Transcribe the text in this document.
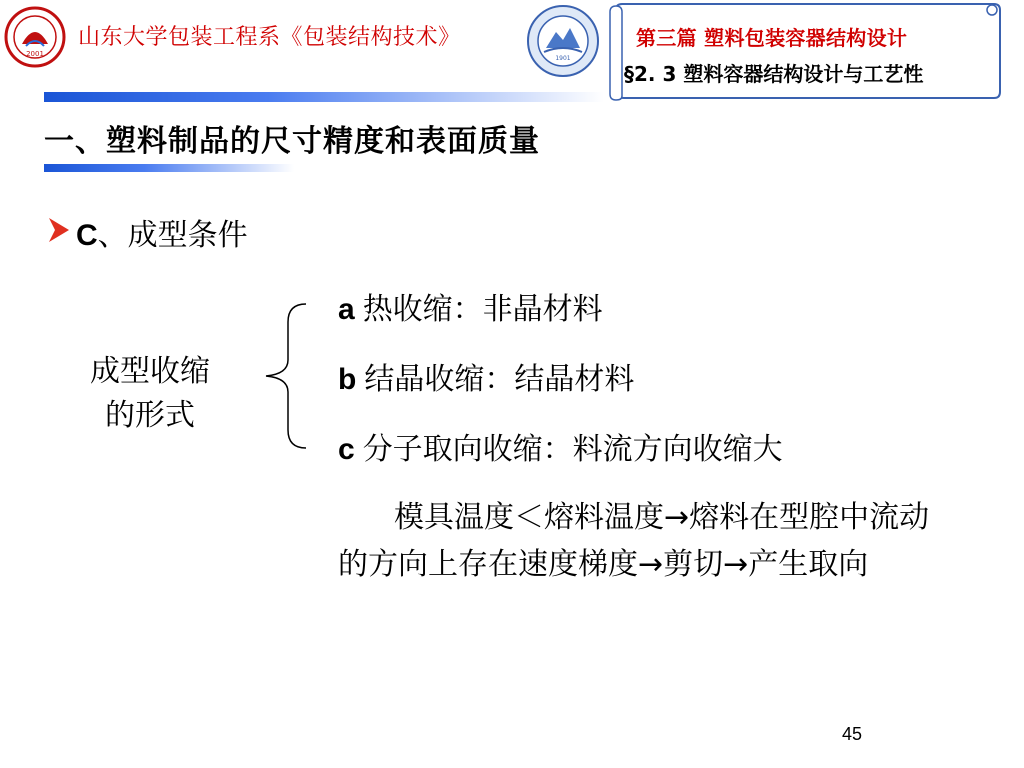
2001
山东大学包装工程系《包装结构技术》
1901
第三篇 塑料包装容器结构设计
§2. 3 塑料容器结构设计与工艺性
一、塑料制品的尺寸精度和表面质量
C、成型条件
成型收缩
的形式
a 热收缩：非晶材料
b 结晶收缩：结晶材料
c 分子取向收缩：料流方向收缩大
模具温度＜熔料温度→熔料在型腔中流动的方向上存在速度梯度→剪切→产生取向
45
